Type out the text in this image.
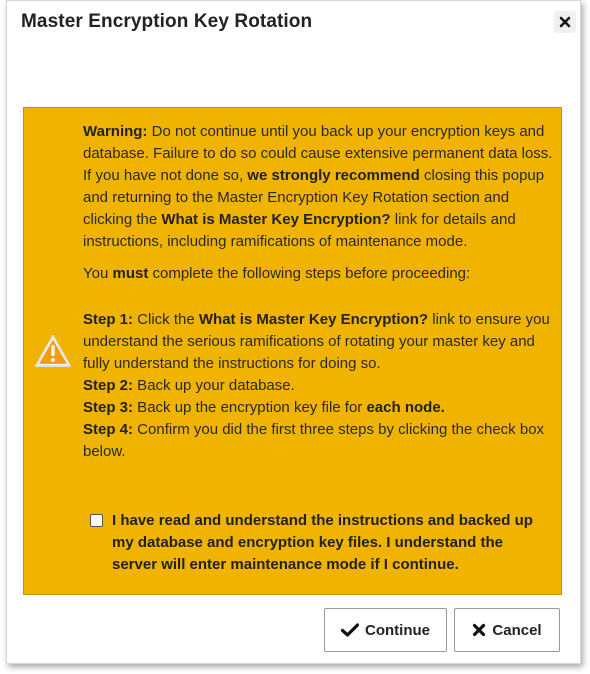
Master Encryption Key Rotation

Warning: Do not continue until you back up your encryption keys and database. Failure to do so could cause extensive permanent data loss. If you have not done so, we strongly recommend closing this popup and returning to the Master Encryption Key Rotation section and clicking the What is Master Key Encryption? link for details and instructions, including ramifications of maintenance mode.

You must complete the following steps before proceeding:

Step 1: Click the What is Master Key Encryption? link to ensure you understand the serious ramifications of rotating your master key and fully understand the instructions for doing so.

Step 2: Back up your database.

Step 3: Back up the encryption key file for each node.

Step 4: Confirm you did the first three steps by clicking the check box below.

I have read and understand the instructions and backed up my database and encryption key files. I understand the server will enter maintenance mode if I continue.
Continue	Cancel
